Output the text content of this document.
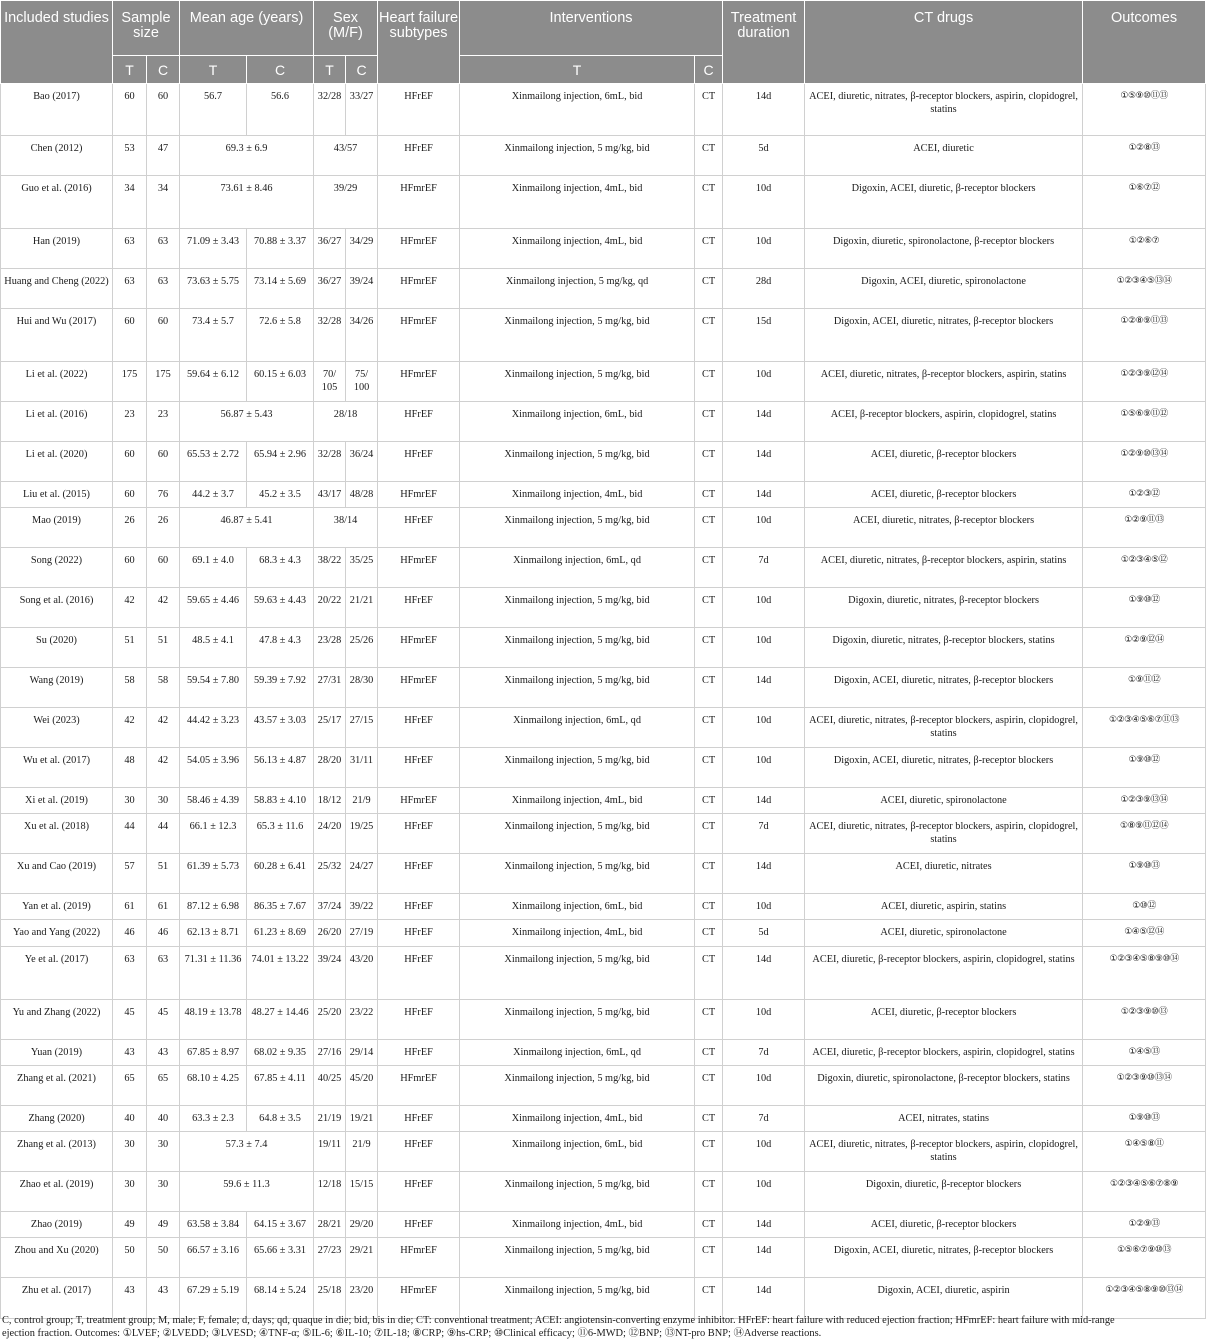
Included studies	Sample size		Mean age (years)		Sex (M/F)		Heart failure subtypes	Interventions		Treatment duration	CT drugs	Outcomes
	T	C	T	C	T	C		T	C			
Bao (2017)	60	60	56.7	56.6	32/28	33/27	HFrEF	Xinmailong injection, 6mL, bid	CT	14d	ACEI, diuretic, nitrates, β-receptor blockers, aspirin, clopidogrel, statins	①⑤⑨⑩⑪⑬
Chen (2012)	53	47	69.3 ± 6.9		43/57		HFrEF	Xinmailong injection, 5 mg/kg, bid	CT	5d	ACEI, diuretic	①②⑧⑬
Guo et al. (2016)	34	34	73.61 ± 8.46		39/29		HFmrEF	Xinmailong injection, 4mL, bid	CT	10d	Digoxin, ACEI, diuretic, β-receptor blockers	①⑥⑦⑫
Han (2019)	63	63	71.09 ± 3.43	70.88 ± 3.37	36/27	34/29	HFmrEF	Xinmailong injection, 4mL, bid	CT	10d	Digoxin, diuretic, spironolactone, β-receptor blockers	①②⑥⑦
Huang and Cheng (2022)	63	63	73.63 ± 5.75	73.14 ± 5.69	36/27	39/24	HFmrEF	Xinmailong injection, 5 mg/kg, qd	CT	28d	Digoxin, ACEI, diuretic, spironolactone	①②③④⑤⑬⑭
Hui and Wu (2017)	60	60	73.4 ± 5.7	72.6 ± 5.8	32/28	34/26	HFmrEF	Xinmailong injection, 5 mg/kg, bid	CT	15d	Digoxin, ACEI, diuretic, nitrates, β-receptor blockers	①②⑧⑨⑪⑬
Li et al. (2022)	175	175	59.64 ± 6.12	60.15 ± 6.03	70/ 105	75/ 100	HFmrEF	Xinmailong injection, 5 mg/kg, bid	CT	10d	ACEI, diuretic, nitrates, β-receptor blockers, aspirin, statins	①②③⑨⑫⑭
Li et al. (2016)	23	23	56.87 ± 5.43		28/18		HFrEF	Xinmailong injection, 6mL, bid	CT	14d	ACEI, β-receptor blockers, aspirin, clopidogrel, statins	①⑤⑥⑨⑪⑫
Li et al. (2020)	60	60	65.53 ± 2.72	65.94 ± 2.96	32/28	36/24	HFrEF	Xinmailong injection, 5 mg/kg, bid	CT	14d	ACEI, diuretic, β-receptor blockers	①②⑨⑩⑬⑭
Liu et al. (2015)	60	76	44.2 ± 3.7	45.2 ± 3.5	43/17	48/28	HFmrEF	Xinmailong injection, 4mL, bid	CT	14d	ACEI, diuretic, β-receptor blockers	①②③⑫
Mao (2019)	26	26	46.87 ± 5.41		38/14		HFrEF	Xinmailong injection, 5 mg/kg, bid	CT	10d	ACEI, diuretic, nitrates, β-receptor blockers	①②⑨⑪⑬
Song (2022)	60	60	69.1 ± 4.0	68.3 ± 4.3	38/22	35/25	HFmrEF	Xinmailong injection, 6mL, qd	CT	7d	ACEI, diuretic, nitrates, β-receptor blockers, aspirin, statins	①②③④⑤⑫
Song et al. (2016)	42	42	59.65 ± 4.46	59.63 ± 4.43	20/22	21/21	HFrEF	Xinmailong injection, 5 mg/kg, bid	CT	10d	Digoxin, diuretic, nitrates, β-receptor blockers	①⑨⑩⑫
Su (2020)	51	51	48.5 ± 4.1	47.8 ± 4.3	23/28	25/26	HFmrEF	Xinmailong injection, 5 mg/kg, bid	CT	10d	Digoxin, diuretic, nitrates, β-receptor blockers, statins	①②⑨⑫⑭
Wang (2019)	58	58	59.54 ± 7.80	59.39 ± 7.92	27/31	28/30	HFmrEF	Xinmailong injection, 5 mg/kg, bid	CT	14d	Digoxin, ACEI, diuretic, nitrates, β-receptor blockers	①⑨⑪⑫
Wei (2023)	42	42	44.42 ± 3.23	43.57 ± 3.03	25/17	27/15	HFrEF	Xinmailong injection, 6mL, qd	CT	10d	ACEI, diuretic, nitrates, β-receptor blockers, aspirin, clopidogrel, statins	①②③④⑤⑥⑦⑪⑬
Wu et al. (2017)	48	42	54.05 ± 3.96	56.13 ± 4.87	28/20	31/11	HFrEF	Xinmailong injection, 5 mg/kg, bid	CT	10d	Digoxin, ACEI, diuretic, nitrates, β-receptor blockers	①⑨⑩⑫
Xi et al. (2019)	30	30	58.46 ± 4.39	58.83 ± 4.10	18/12	21/9	HFmrEF	Xinmailong injection, 4mL, bid	CT	14d	ACEI, diuretic, spironolactone	①②③⑨⑬⑭
Xu et al. (2018)	44	44	66.1 ± 12.3	65.3 ± 11.6	24/20	19/25	HFrEF	Xinmailong injection, 5 mg/kg, bid	CT	7d	ACEI, diuretic, nitrates, β-receptor blockers, aspirin, clopidogrel, statins	①⑧⑨⑪⑫⑭
Xu and Cao (2019)	57	51	61.39 ± 5.73	60.28 ± 6.41	25/32	24/27	HFrEF	Xinmailong injection, 5 mg/kg, bid	CT	14d	ACEI, diuretic, nitrates	①⑨⑩⑬
Yan et al. (2019)	61	61	87.12 ± 6.98	86.35 ± 7.67	37/24	39/22	HFrEF	Xinmailong injection, 6mL, bid	CT	10d	ACEI, diuretic, aspirin, statins	①⑩⑫
Yao and Yang (2022)	46	46	62.13 ± 8.71	61.23 ± 8.69	26/20	27/19	HFrEF	Xinmailong injection, 4mL, bid	CT	5d	ACEI, diuretic, spironolactone	①④⑤⑫⑭
Ye et al. (2017)	63	63	71.31 ± 11.36	74.01 ± 13.22	39/24	43/20	HFrEF	Xinmailong injection, 5 mg/kg, bid	CT	14d	ACEI, diuretic, β-receptor blockers, aspirin, clopidogrel, statins	①②③④⑤⑧⑨⑩⑭
Yu and Zhang (2022)	45	45	48.19 ± 13.78	48.27 ± 14.46	25/20	23/22	HFrEF	Xinmailong injection, 5 mg/kg, bid	CT	10d	ACEI, diuretic, β-receptor blockers	①②③⑨⑩⑬
Yuan (2019)	43	43	67.85 ± 8.97	68.02 ± 9.35	27/16	29/14	HFrEF	Xinmailong injection, 6mL, qd	CT	7d	ACEI, diuretic, β-receptor blockers, aspirin, clopidogrel, statins	①④⑤⑬
Zhang et al. (2021)	65	65	68.10 ± 4.25	67.85 ± 4.11	40/25	45/20	HFmrEF	Xinmailong injection, 5 mg/kg, bid	CT	10d	Digoxin, diuretic, spironolactone, β-receptor blockers, statins	①②③⑨⑩⑬⑭
Zhang (2020)	40	40	63.3 ± 2.3	64.8 ± 3.5	21/19	19/21	HFrEF	Xinmailong injection, 4mL, bid	CT	7d	ACEI, nitrates, statins	①⑨⑩⑬
Zhang et al. (2013)	30	30	57.3 ± 7.4		19/11	21/9	HFrEF	Xinmailong injection, 6mL, bid	CT	10d	ACEI, diuretic, nitrates, β-receptor blockers, aspirin, clopidogrel, statins	①④⑤⑧⑪
Zhao et al. (2019)	30	30	59.6 ± 11.3		12/18	15/15	HFrEF	Xinmailong injection, 5 mg/kg, bid	CT	10d	Digoxin, diuretic, β-receptor blockers	①②③④⑤⑥⑦⑧⑨
Zhao (2019)	49	49	63.58 ± 3.84	64.15 ± 3.67	28/21	29/20	HFrEF	Xinmailong injection, 4mL, bid	CT	14d	ACEI, diuretic, β-receptor blockers	①②⑨⑬
Zhou and Xu (2020)	50	50	66.57 ± 3.16	65.66 ± 3.31	27/23	29/21	HFmrEF	Xinmailong injection, 5 mg/kg, bid	CT	14d	Digoxin, ACEI, diuretic, nitrates, β-receptor blockers	①⑤⑥⑦⑨⑩⑬
Zhu et al. (2017)	43	43	67.29 ± 5.19	68.14 ± 5.24	25/18	23/20	HFmrEF	Xinmailong injection, 5 mg/kg, bid	CT	14d	Digoxin, ACEI, diuretic, aspirin	①②③④⑤⑧⑨⑩⑬⑭
C, control group; T, treatment group; M, male; F, female; d, days; qd, quaque in die; bid, bis in die; CT: conventional treatment; ACEI: angiotensin-converting enzyme inhibitor. HFrEF: heart failure with reduced ejection fraction; HFmrEF: heart failure with mid-range ejection fraction. Outcomes: ①LVEF; ②LVEDD; ③LVESD; ④TNF-α; ⑤IL-6; ⑥IL-10; ⑦IL-18; ⑧CRP; ⑨hs-CRP; ⑩Clinical efficacy; ⑪6-MWD; ⑫BNP; ⑬NT-pro BNP; ⑭Adverse reactions.
